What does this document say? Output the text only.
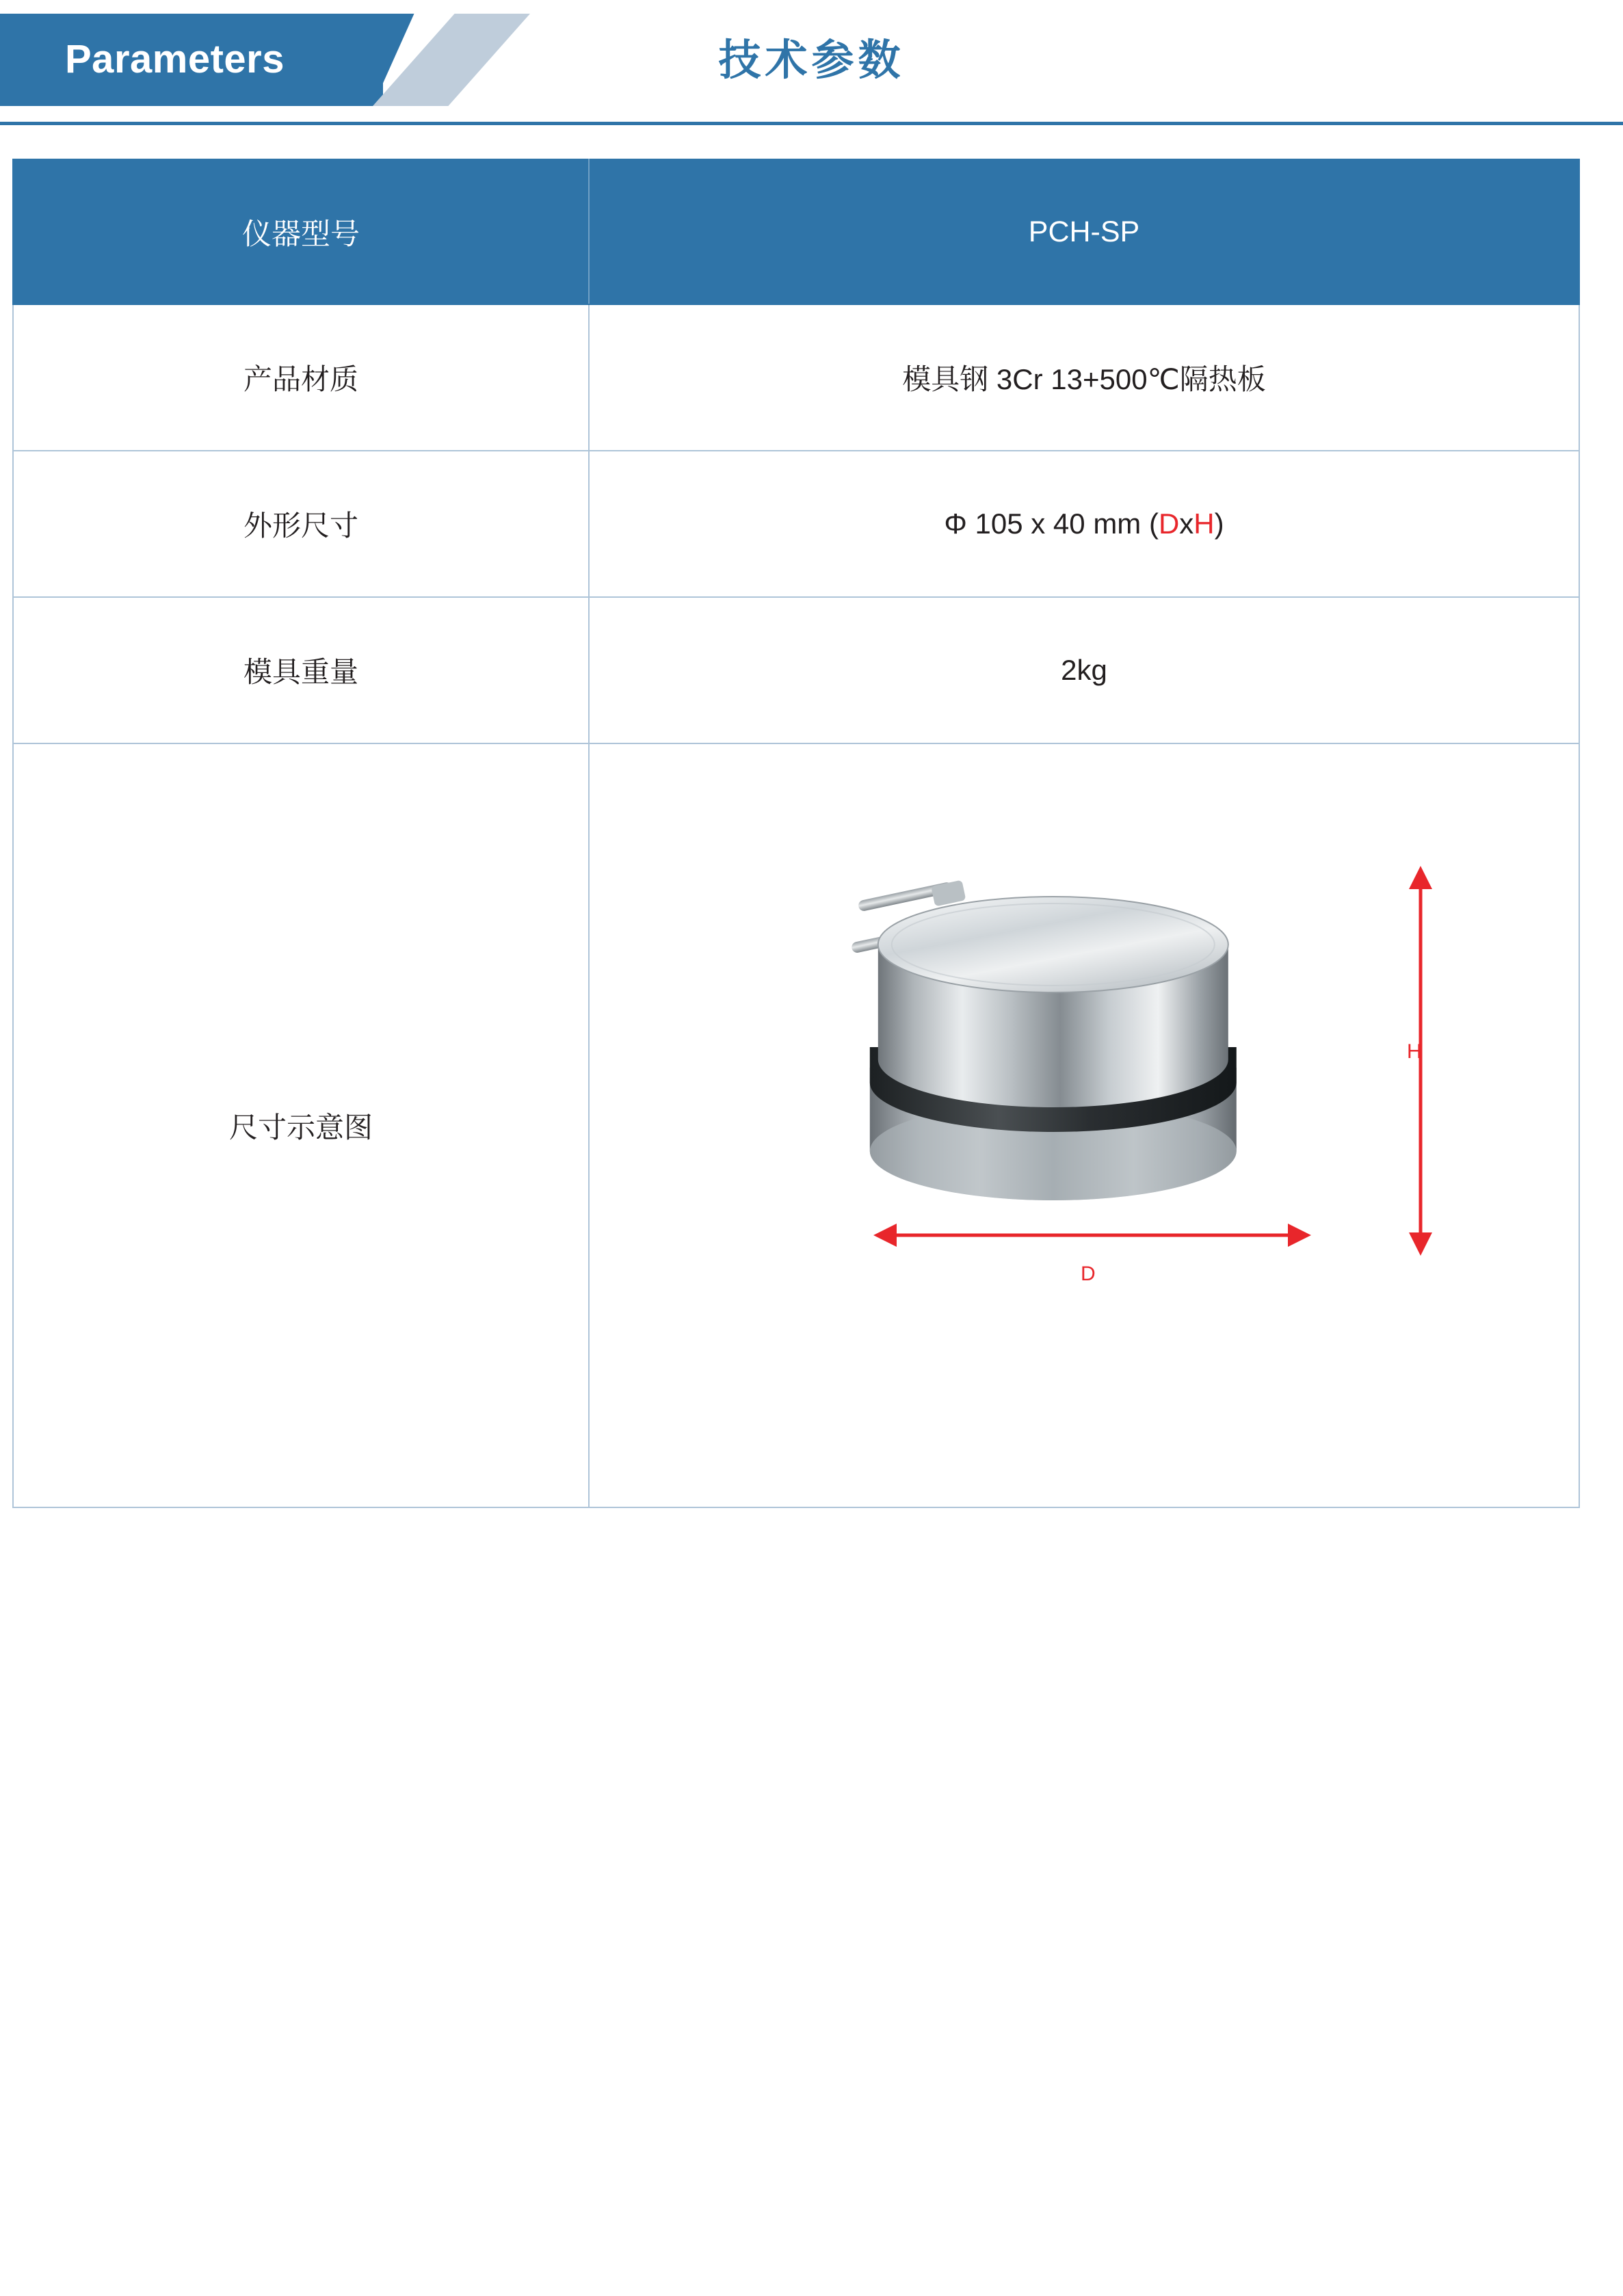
Parameters	技术参数
仪器型号	PCH-SP

产品材质	模具钢 3Cr 13+500℃隔热板

外形尺寸	Φ 105 x 40 mm ( D x H )

模具重量	2kg

尺寸示意图	H
D
